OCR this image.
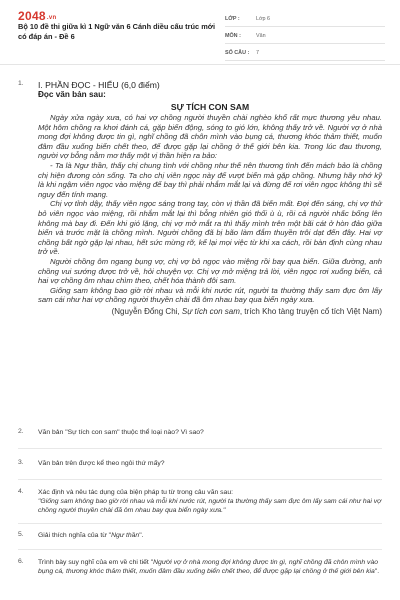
2048.vn
Bộ 10 đề thi giữa kì 1 Ngữ văn 6 Cánh diều cấu trúc mới có đáp án - Đề 6
LỚP :	Lớp 6
MÔN :	Văn
SỐ CÂU :	7
1. I. PHẦN ĐỌC - HIỂU (6,0 điểm)
Đọc văn bản sau:
SỰ TÍCH CON SAM

Ngày xửa ngày xưa, có hai vợ chồng người thuyền chài nghèo khổ rất mực thương yêu nhau. Một hôm chồng ra khơi đánh cá, gặp biển động, sóng to gió lớn, không thấy trở về. Người vợ ở nhà mong đợi không được tin gì, nghĩ chồng đã chôn mình vào bụng cá, thương khóc thảm thiết, muốn đâm đầu xuống biển chết theo, để được gặp lại chồng ở thế giới bên kia. Trong lúc đau thương, người vợ bỗng nằm mơ thấy một vị thần hiện ra bảo:

- Ta là Ngư thần, thấy chị chung tình với chồng như thế nên thương tình đến mách bảo là chồng chị hiện đương còn sống. Ta cho chị viên ngọc này để vượt biển mà gặp chồng. Nhưng hãy nhớ kỹ là khi ngậm viên ngọc vào miệng để bay thì phải nhắm mắt lại và đừng để rơi viên ngọc không thì sẽ nguy đến tính mạng.

Chị vợ tỉnh dậy, thấy viên ngọc sáng trong tay, còn vị thần đã biến mất. Đợi đến sáng, chị vợ thử bỏ viên ngọc vào miệng, rồi nhắm mắt lại thì bỗng nhiên gió thổi ù ù, rồi cả người nhấc bổng lên không mà bay đi. Đến khi gió lặng, chị vợ mở mắt ra thì thấy mình trên một bãi cát ở hòn đảo giữa biển và trước mặt là chồng mình. Người chồng đã bị bão làm đắm thuyền trôi dạt đến đây. Hai vợ chồng bất ngờ gặp lại nhau, hết sức mừng rỡ, kể lại mọi việc từ khi xa cách, rồi bàn định cùng nhau trở về.

Người chồng ôm ngang bụng vợ, chị vợ bỏ ngọc vào miệng rồi bay qua biển. Giữa đường, anh chồng vui sướng được trở về, hỏi chuyện vợ. Chị vợ mở miệng trả lời, viên ngọc rơi xuống biển, cả hai vợ chồng ôm nhau chìm theo, chết hóa thành đôi sam.

Giống sam không bao giờ rời nhau và mỗi khi nước rút, người ta thường thấy sam đực ôm lấy sam cái như hai vợ chồng người thuyền chài đã ôm nhau bay qua biển ngày xưa.

(Nguyễn Đổng Chi, Sự tích con sam, trích Kho tàng truyện cổ tích Việt Nam)

2. Văn bản "Sự tích con sam" thuộc thể loại nào? Vì sao?
3. Văn bản trên được kể theo ngôi thứ mấy?
4. Xác định và nêu tác dụng của biện pháp tu từ trong câu văn sau:
"Giống sam không bao giờ rời nhau và mỗi khi nước rút, người ta thường thấy sam đực ôm lấy sam cái như hai vợ chồng người thuyền chài đã ôm nhau bay qua biển ngày xưa."
5. Giải thích nghĩa của từ "Ngư thần".
6. Trình bày suy nghĩ của em về chi tiết "Người vợ ở nhà mong đợi không được tin gì, nghĩ chồng đã chôn mình vào bụng cá, thương khóc thảm thiết, muốn đâm đầu xuống biển chết theo, để được gặp lại chồng ở thế giới bên kia".
